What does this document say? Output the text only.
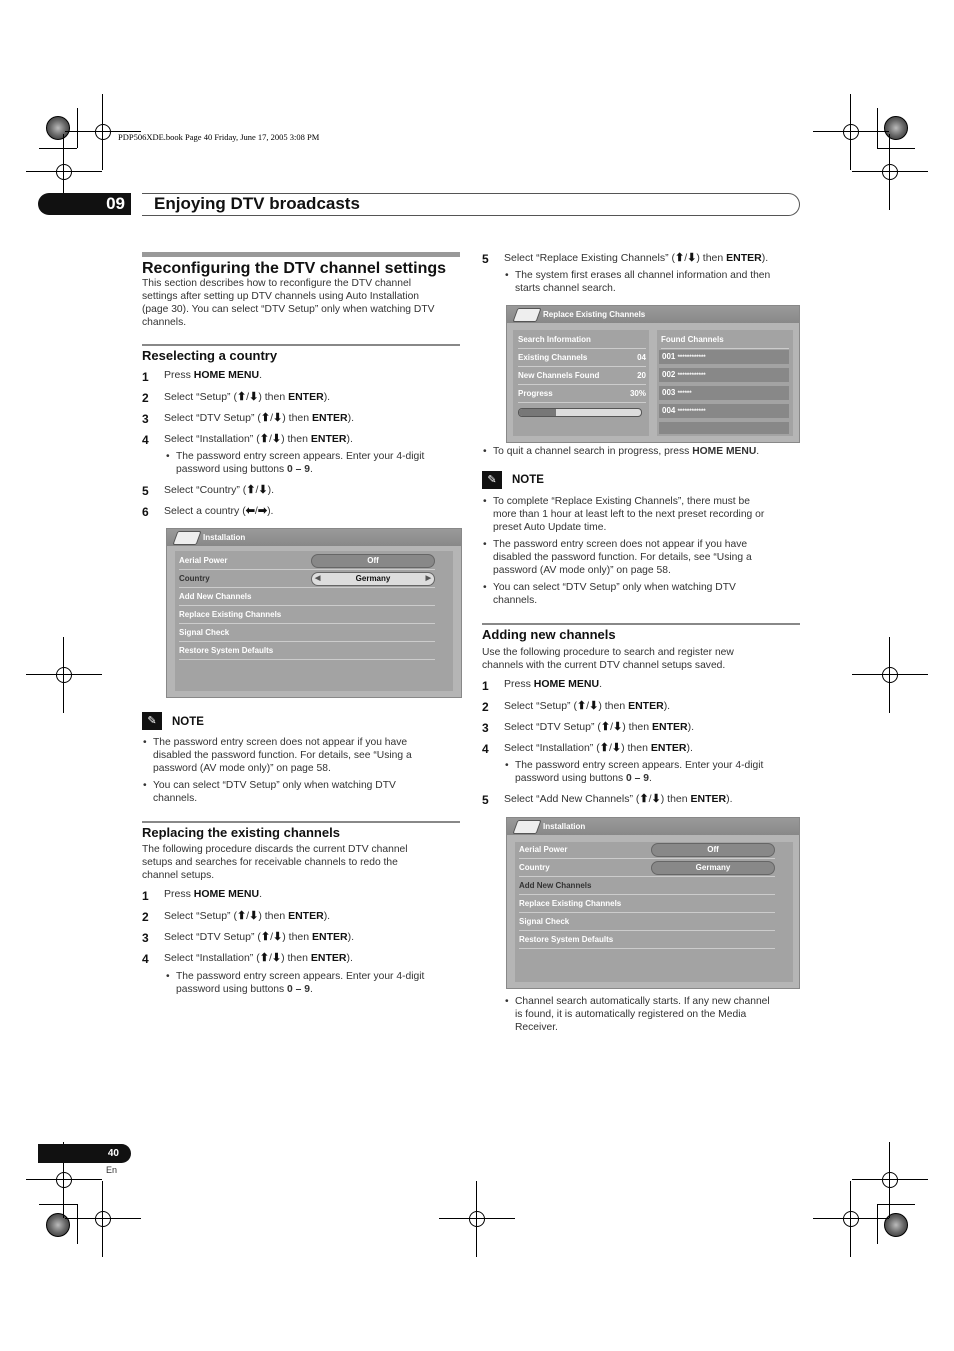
PDP506XDE.book Page 40 Friday, June 17, 2005 3:08 PM
09	Enjoying DTV broadcasts
Reconfiguring the DTV channel settings
This section describes how to reconfigure the DTV channel
settings after setting up DTV channels using Auto Installation
(page 30). You can select “DTV Setup” only when watching DTV
channels.
Reselecting a country
1 Press HOME MENU.
2 Select “Setup” (⬆/⬇) then ENTER).
3 Select “DTV Setup” (⬆/⬇) then ENTER).
4 Select “Installation” (⬆/⬇) then ENTER).
• The password entry screen appears. Enter your 4-digit
password using buttons 0 – 9.
5 Select “Country” (⬆/⬇).
6 Select a country (⬅/➡).
Installation
Aerial Power	Off
Country	◀	Germany	▶
Add New Channels
Replace Existing Channels
Signal Check
Restore System Defaults
✎	NOTE
• The password entry screen does not appear if you have
disabled the password function. For details, see “Using a
password (AV mode only)” on page 58.
• You can select “DTV Setup” only when watching DTV
channels.
Replacing the existing channels
The following procedure discards the current DTV channel
setups and searches for receivable channels to redo the
channel setups.
1 Press HOME MENU.
2 Select “Setup” (⬆/⬇) then ENTER).
3 Select “DTV Setup” (⬆/⬇) then ENTER).
4 Select “Installation” (⬆/⬇) then ENTER).
• The password entry screen appears. Enter your 4-digit
password using buttons 0 – 9.
5 Select “Replace Existing Channels” (⬆/⬇) then ENTER).
• The system first erases all channel information and then
starts channel search.
Replace Existing Channels
Search Information
Existing Channels	04
New Channels Found	20
Progress	30%
Found Channels
001 ************
002 ************
003 ******
004 ************
• To quit a channel search in progress, press HOME MENU.
✎	NOTE
• To complete “Replace Existing Channels”, there must be
more than 1 hour at least left to the next preset recording or
preset Auto Update time.
• The password entry screen does not appear if you have
disabled the password function. For details, see “Using a
password (AV mode only)” on page 58.
• You can select “DTV Setup” only when watching DTV
channels.
Adding new channels
Use the following procedure to search and register new
channels with the current DTV channel setups saved.
1 Press HOME MENU.
2 Select “Setup” (⬆/⬇) then ENTER).
3 Select “DTV Setup” (⬆/⬇) then ENTER).
4 Select “Installation” (⬆/⬇) then ENTER).
• The password entry screen appears. Enter your 4-digit
password using buttons 0 – 9.
5 Select “Add New Channels” (⬆/⬇) then ENTER).
Installation
Aerial Power	Off
Country	Germany
Add New Channels
Replace Existing Channels
Signal Check
Restore System Defaults
• Channel search automatically starts. If any new channel
is found, it is automatically registered on the Media
Receiver.
40
En
